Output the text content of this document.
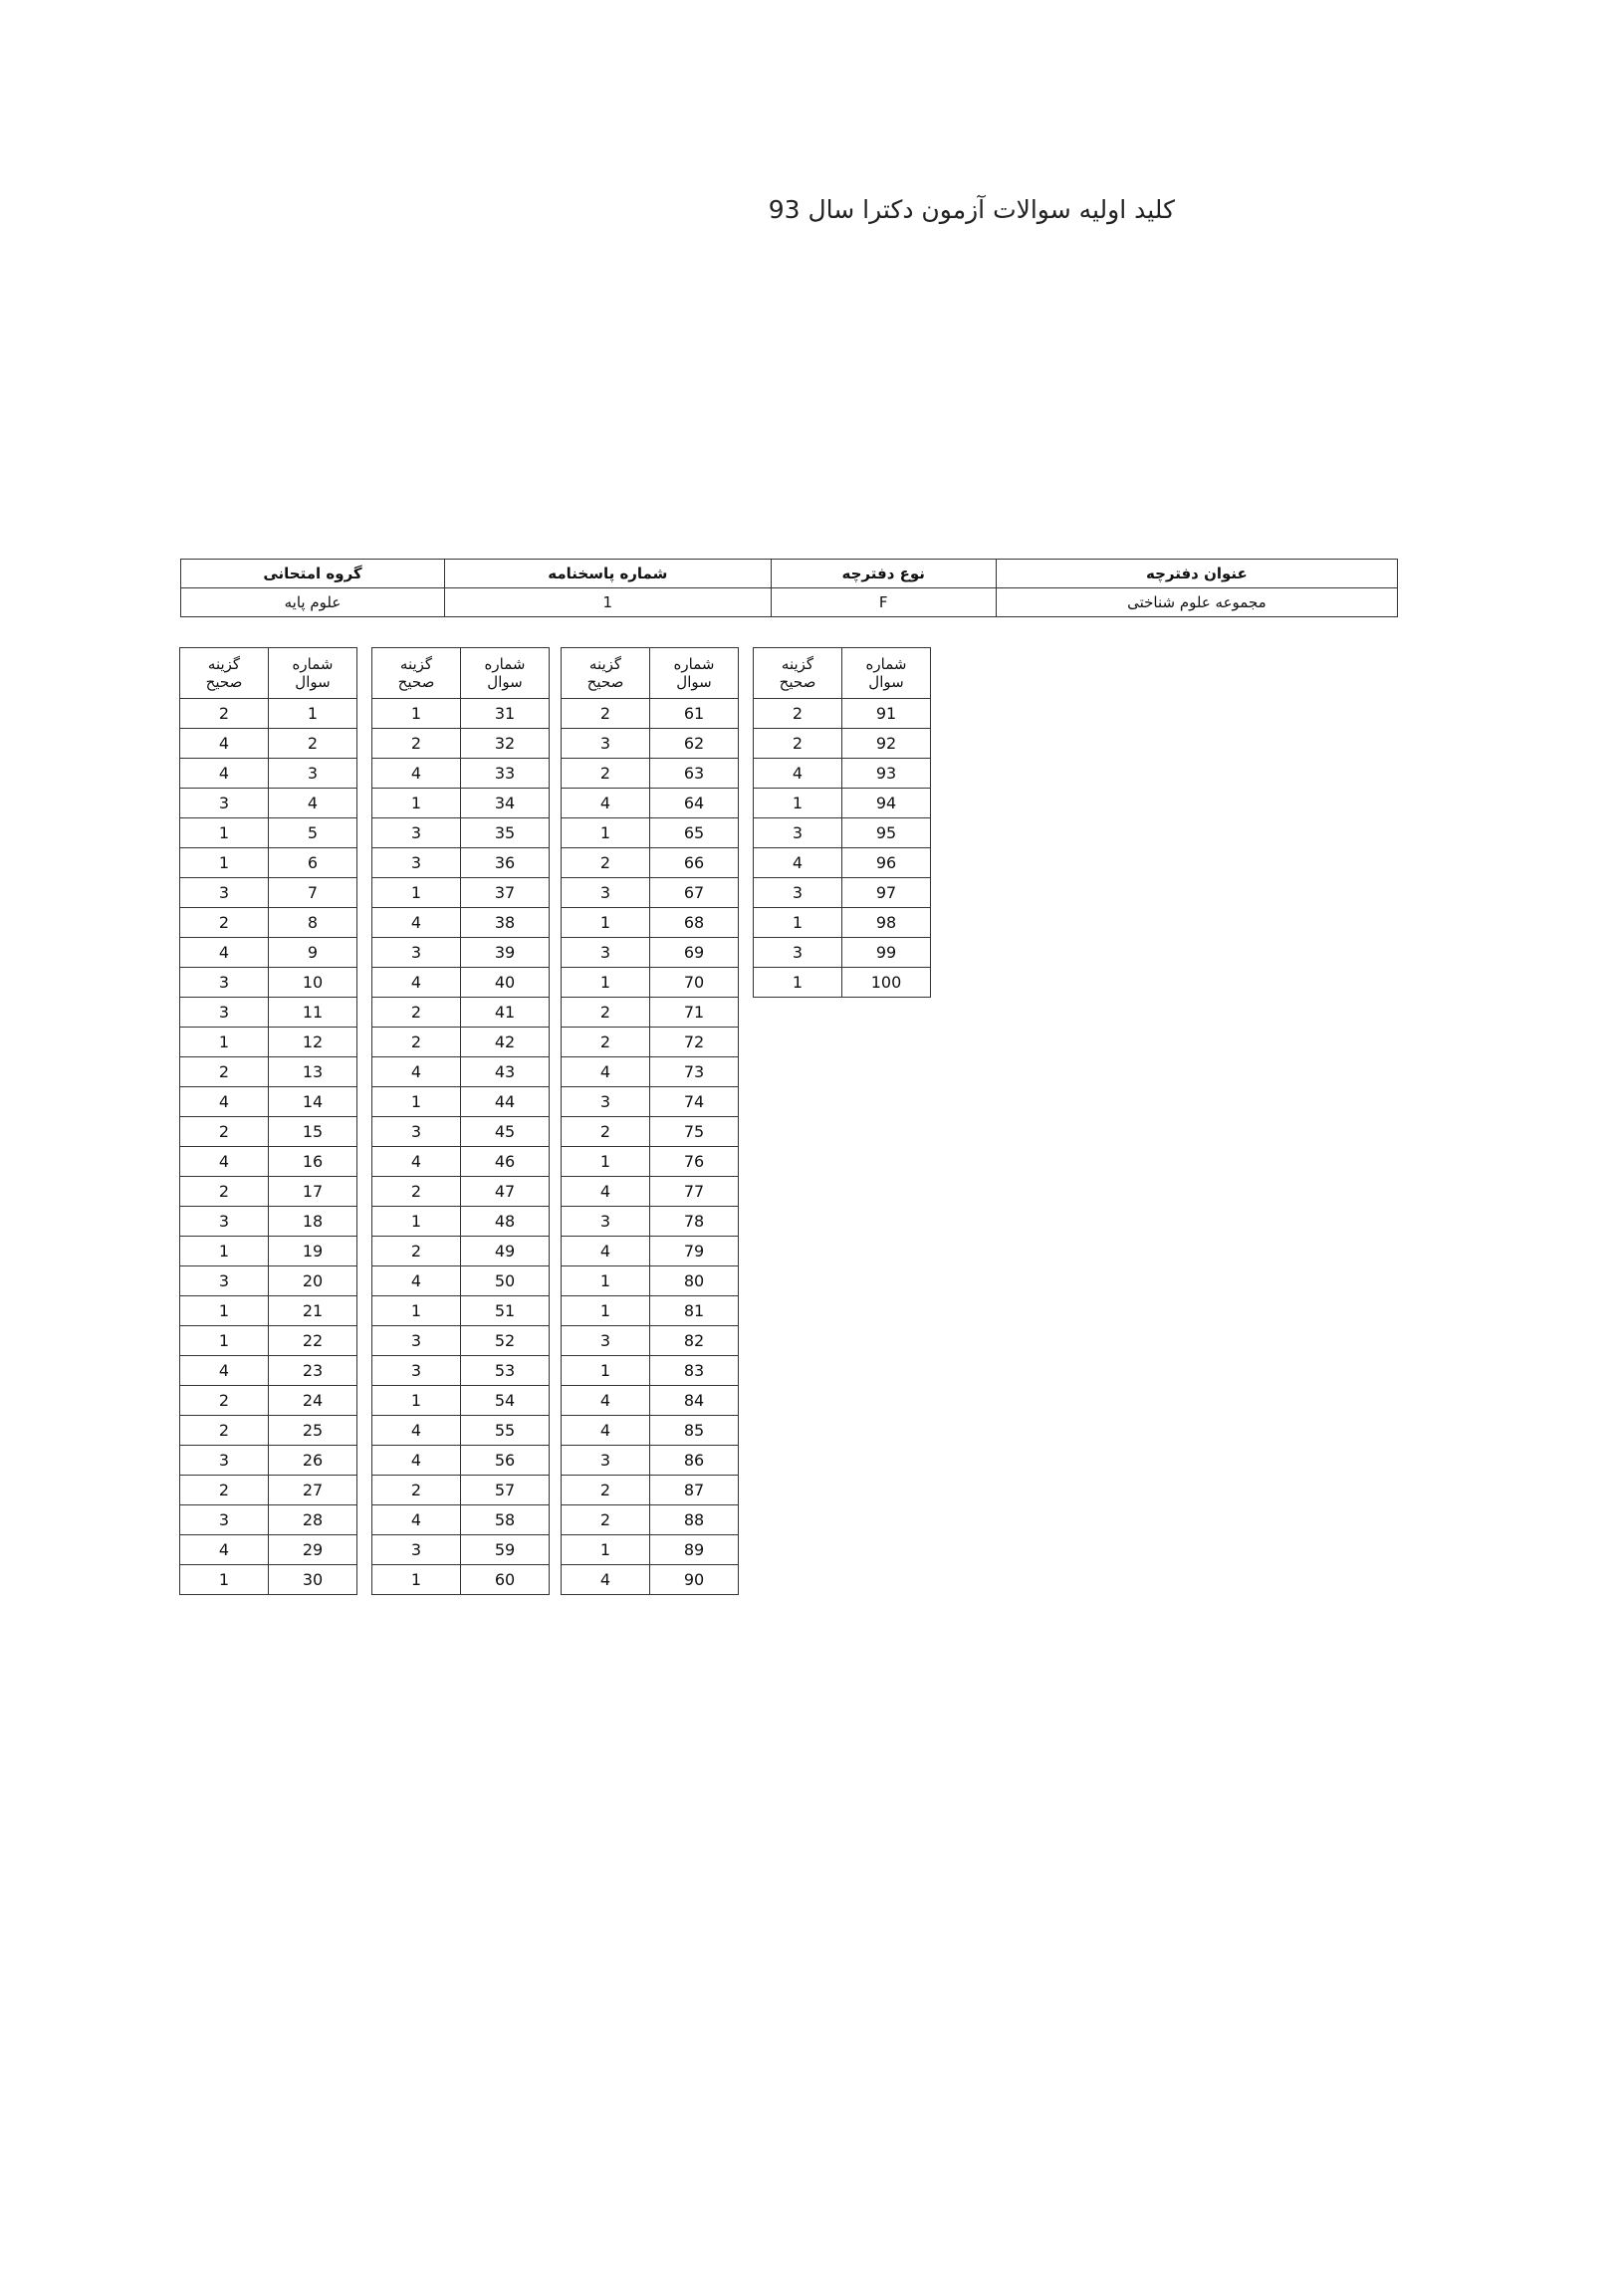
کلید اولیه سوالات آزمون دکترا سال 93
عنوان دفترچه	نوع دفترچه	شماره پاسخنامه	گروه امتحانی
مجموعه علوم شناختی	F	1	علوم پایه
شماره
سوال	گزینه
صحیح

1	2
2	4
3	4
4	3
5	1
6	1
7	3
8	2
9	4
10	3
11	3
12	1
13	2
14	4
15	2
16	4
17	2
18	3
19	1
20	3
21	1
22	1
23	4
24	2
25	2
26	3
27	2
28	3
29	4
30	1
شماره
سوال	گزینه
صحیح

31	1
32	2
33	4
34	1
35	3
36	3
37	1
38	4
39	3
40	4
41	2
42	2
43	4
44	1
45	3
46	4
47	2
48	1
49	2
50	4
51	1
52	3
53	3
54	1
55	4
56	4
57	2
58	4
59	3
60	1
شماره
سوال	گزینه
صحیح

61	2
62	3
63	2
64	4
65	1
66	2
67	3
68	1
69	3
70	1
71	2
72	2
73	4
74	3
75	2
76	1
77	4
78	3
79	4
80	1
81	1
82	3
83	1
84	4
85	4
86	3
87	2
88	2
89	1
90	4
شماره
سوال	گزینه
صحیح

91	2
92	2
93	4
94	1
95	3
96	4
97	3
98	1
99	3
100	1
